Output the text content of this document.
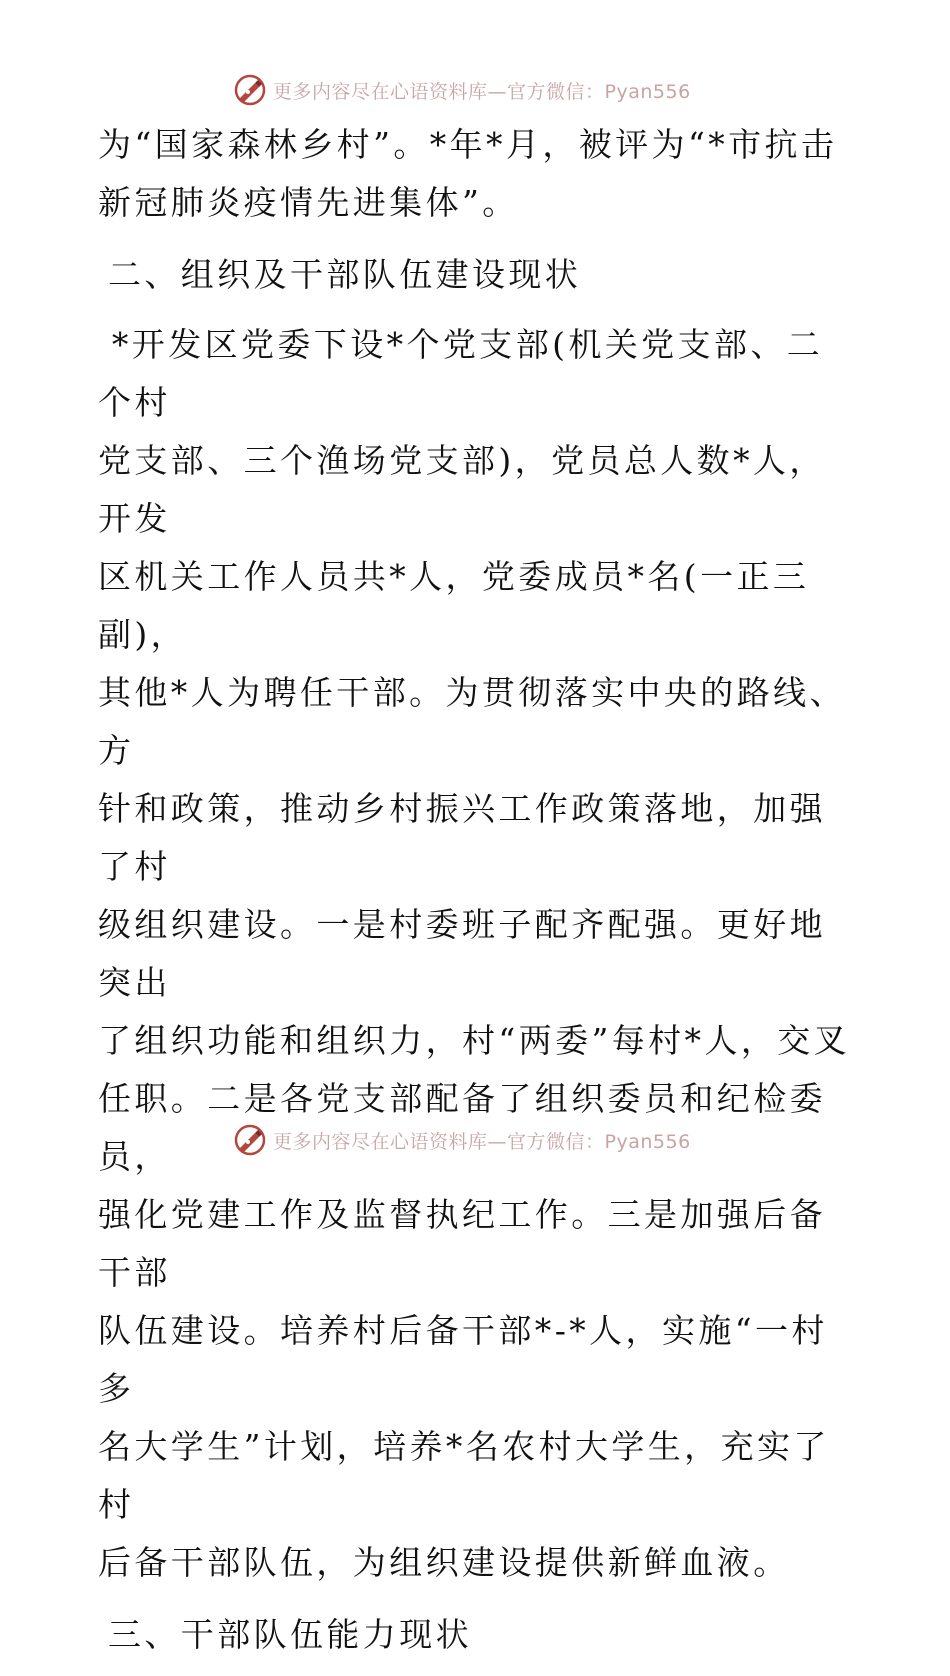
更多内容尽在心语资料库—官方微信：Pyan556

为“国家森林乡村”。*年*月，被评为“*市抗击
新冠肺炎疫情先进集体”。

二、组织及干部队伍建设现状

*开发区党委下设*个党支部(机关党支部、二个村
党支部、三个渔场党支部)，党员总人数*人，开发
区机关工作人员共*人，党委成员*名(一正三副)，
其他*人为聘任干部。为贯彻落实中央的路线、方
针和政策，推动乡村振兴工作政策落地，加强了村
级组织建设。一是村委班子配齐配强。更好地突出
了组织功能和组织力，村“两委”每村*人，交叉
任职。二是各党支部配备了组织委员和纪检委员，
强化党建工作及监督执纪工作。三是加强后备干部
队伍建设。培养村后备干部*-*人，实施“一村多
名大学生”计划，培养*名农村大学生，充实了村
后备干部队伍，为组织建设提供新鲜血液。

三、干部队伍能力现状

更多内容尽在心语资料库—官方微信：Pyan556
